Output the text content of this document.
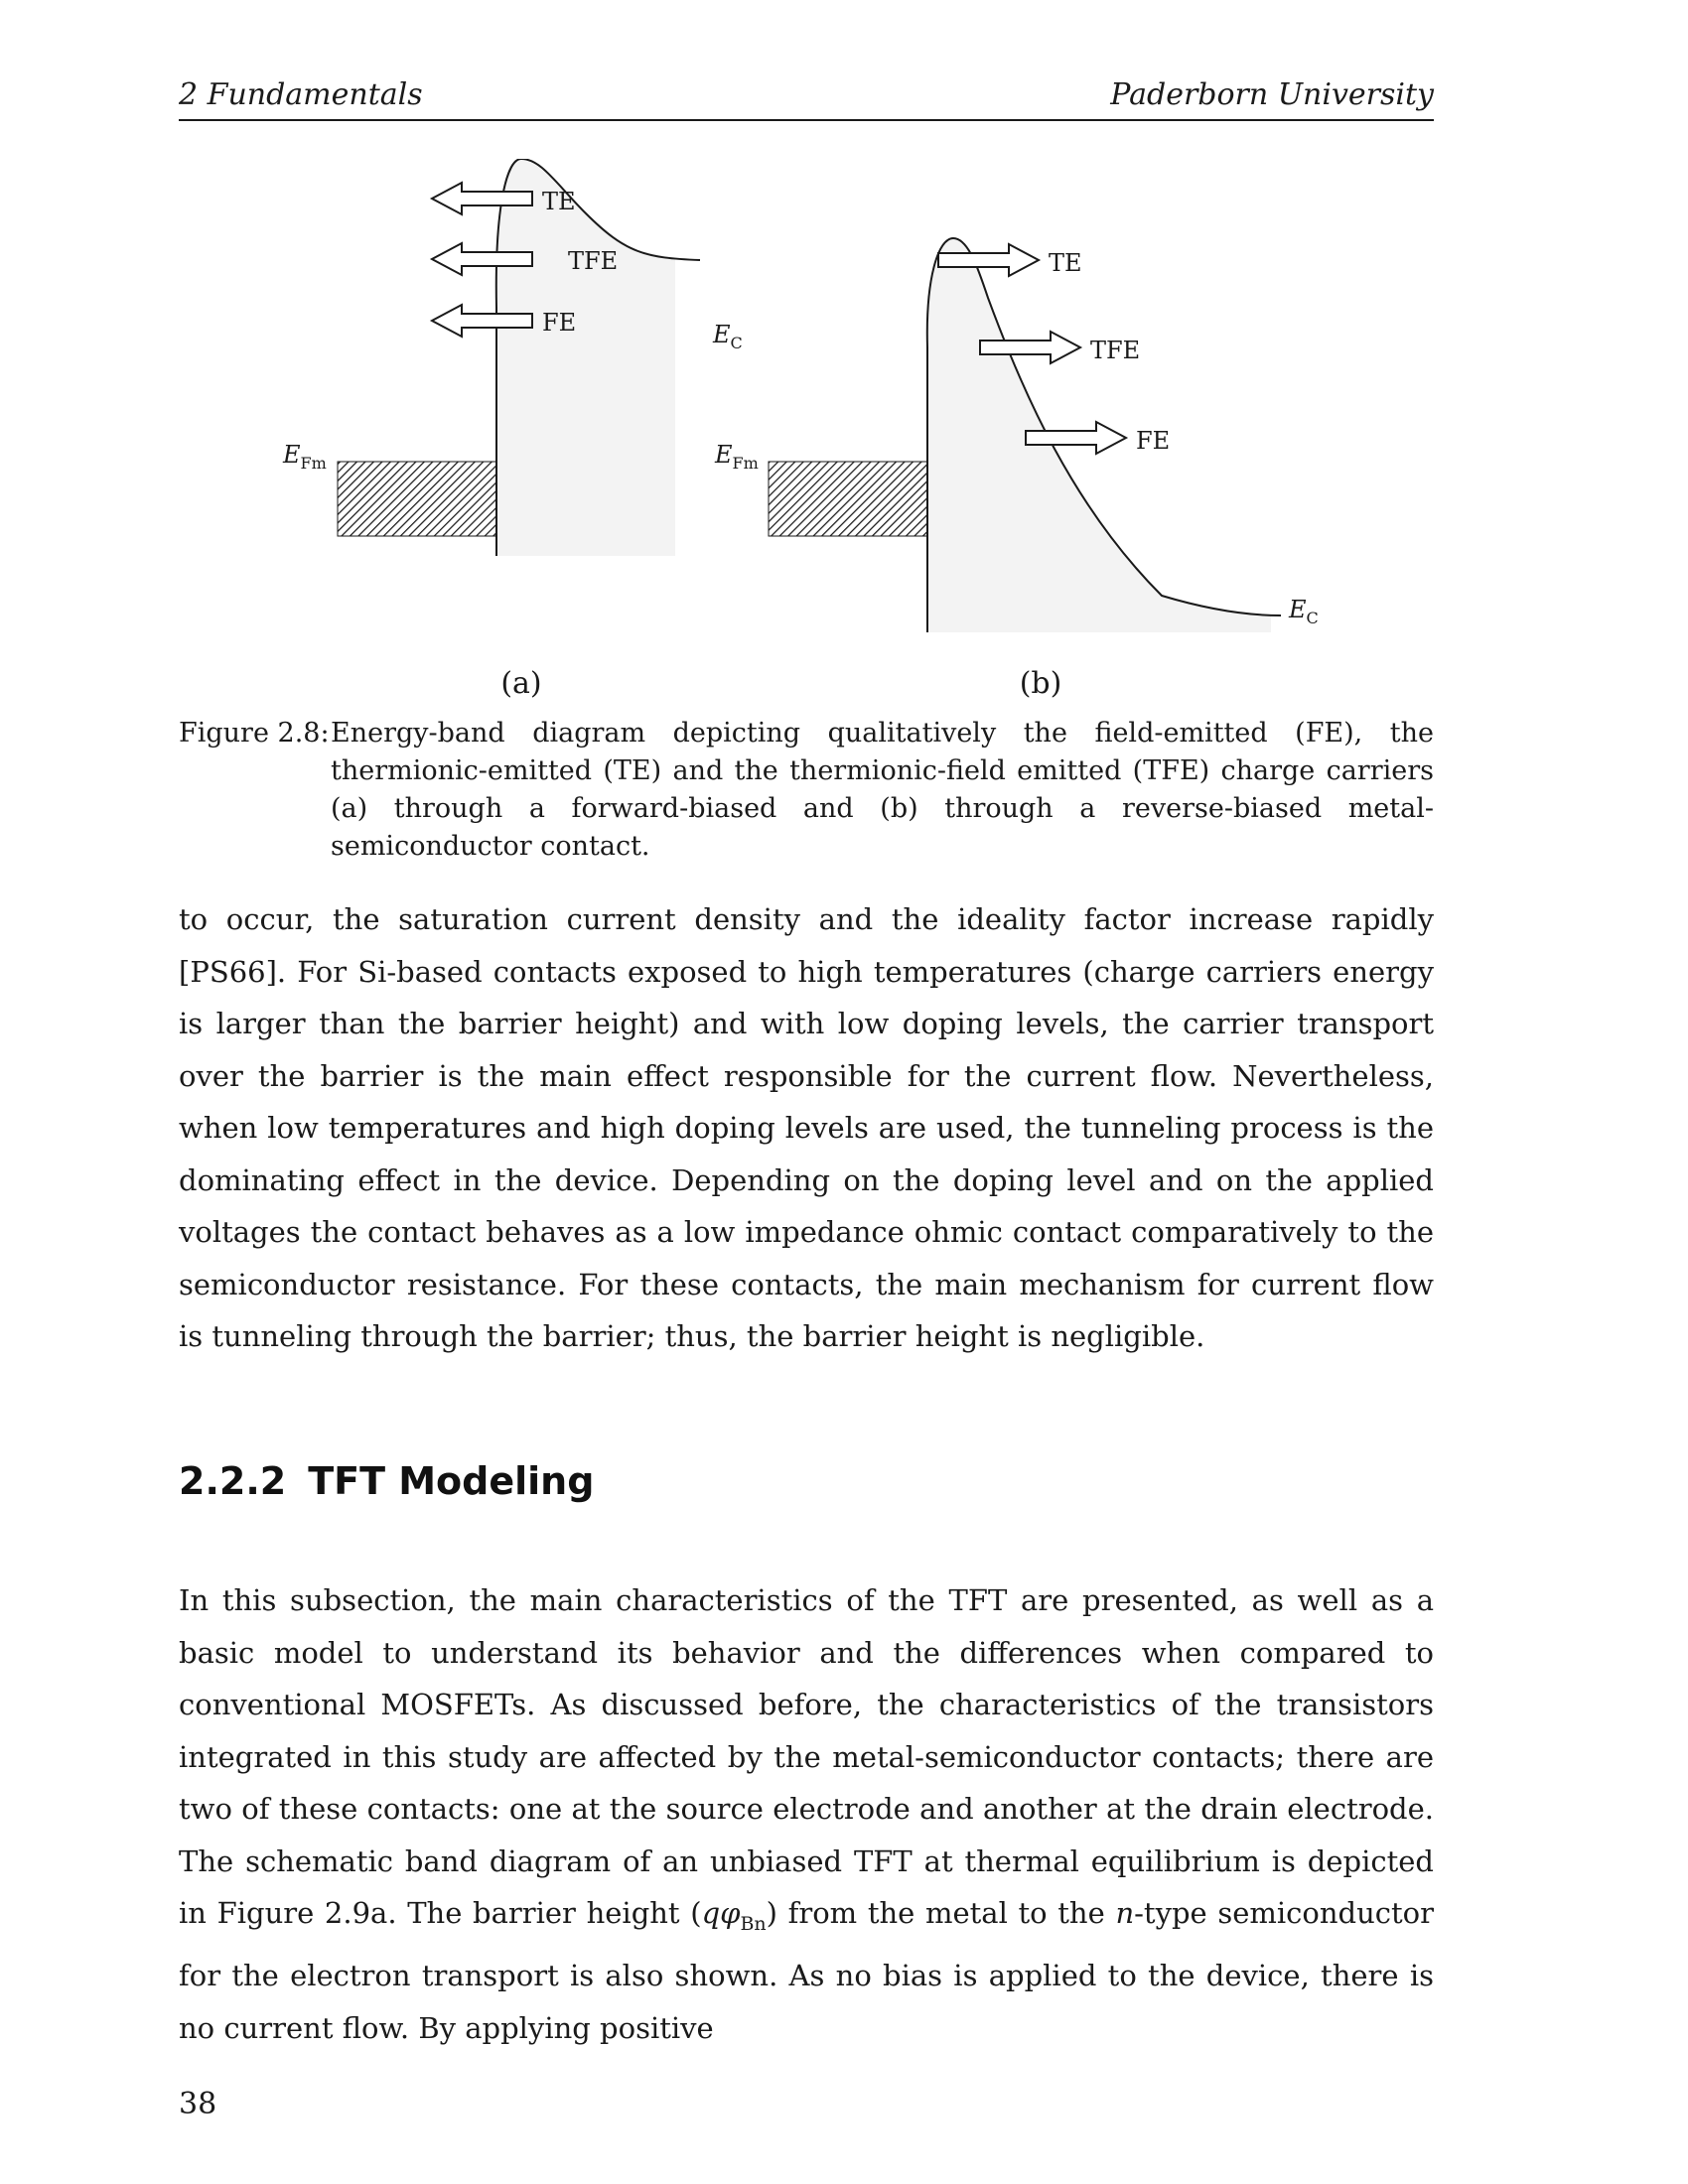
2 Fundamentals	Paderborn University
TE
TFE
FE	EC
EFm
(a)
TE
TFE
FE
EC
EFm
(b)
Figure 2.8: Energy-band diagram depicting qualitatively the field-emitted (FE), the thermionic-emitted (TE) and the thermionic-field emitted (TFE) charge carriers (a) through a forward-biased and (b) through a reverse-biased metal-semiconductor contact.

to occur, the saturation current density and the ideality factor increase rapidly [PS66]. For Si-based contacts exposed to high temperatures (charge carriers energy is larger than the barrier height) and with low doping levels, the carrier transport over the barrier is the main effect responsible for the current flow. Nevertheless, when low temperatures and high doping levels are used, the tunneling process is the dominating effect in the device. Depending on the doping level and on the applied voltages the contact behaves as a low impedance ohmic contact comparatively to the semiconductor resistance. For these contacts, the main mechanism for current flow is tunneling through the barrier; thus, the barrier height is negligible.

2.2.2 TFT Modeling

In this subsection, the main characteristics of the TFT are presented, as well as a basic model to understand its behavior and the differences when compared to conventional MOSFETs. As discussed before, the characteristics of the transistors integrated in this study are affected by the metal-semiconductor contacts; there are two of these contacts: one at the source electrode and another at the drain electrode. The schematic band diagram of an unbiased TFT at thermal equilibrium is depicted in Figure 2.9a. The barrier height $(q\varphi_{Bn})$ from the metal to the n-type semiconductor for the electron transport is also shown. As no bias is applied to the device, there is no current flow. By applying positive

38
